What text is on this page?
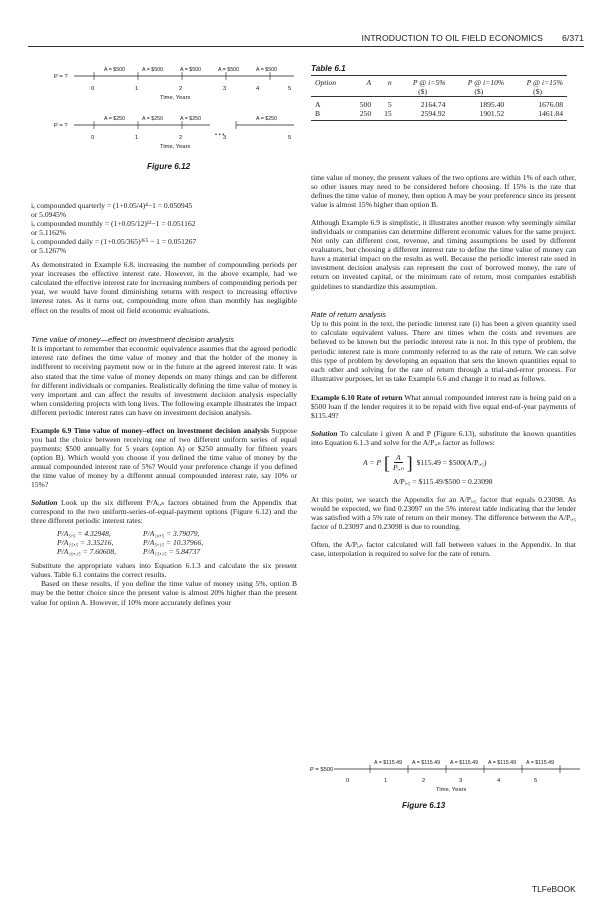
INTRODUCTION TO OIL FIELD ECONOMICS 6/371
P = ?
A = $500	A = $500	A = $500	A = $500	A = $500
0	1	2	3	4	5
Time, Years
P = ?
A = $250	A = $250	A = $250	A = $250
0	1	2	3	5
• • •
Time, Years
Figure 6.12
Table 6.1
Option	A	n	P @ i=5%	P @ i=10%	P @ i=15%
			($)	($)	($)

A	500	5	2164.74	1895.40	1676.08
B	250	15	2594.92	1901.52	1461.84

iₑ compounded quarterly = (1+0.05/4)⁴−1 = 0.050945
or 5.0945%
iₑ compounded monthly = (1+0.05/12)¹²−1 = 0.051162
or 5.1162%
iₑ compounded daily = (1+0.05/365)³⁶⁵ − 1 = 0.051267
or 5.1267%

As demonstrated in Example 6.8, increasing the number of compounding periods per year increases the effective interest rate. However, in the above example, had we calculated the effective interest rate for increasing numbers of compounding periods per year, we would have found diminishing returns with respect to increasing effective interest rates. As it turns out, compounding more often than monthly has negligible effect on the results of most oil field economic evaluations.

Time value of money—effect on investment decision analysis

It is important to remember that economic equivalence assumes that the agreed periodic interest rate defines the time value of money and that the holder of the money is indifferent to receiving payment now or in the future at the agreed interest rate. It was also stated that the time value of money depends on many things and can be different for different individuals or companies. Realistically defining the time value of money is very important and can affect the results of investment decision analysis especially when considering projects with long lives. The following example illustrates the impact different periodic interest rates can have on investment decision analysis.

Example 6.9 Time value of money–effect on investment decision analysis Suppose you had the choice between receiving one of two different uniform series of equal payments: $500 annually for 5 years (option A) or $250 annually for fifteen years (option B). Which would you choose if you defined the time value of money by the annual compounded interest rate of 5%? Would your preference change if you defined the time value of money by a different annual compounded interest rate, say 10% or 15%?

Solution Look up the six different P/Aᵢ,ₙ factors obtained from the Appendix that correspond to the two uniform-series-of-equal-payment options (Figure 6.12) and the three different periodic interest rates:

P/A₅,₅ = 4.32948,	P/A₁₀,₅ = 3.79079,
P/A₁₅,₅ = 3.35216,	P/A₅,₁₅ = 10.37966,
P/A₁₀,₁₅ = 7.60608,	P/A₁₅,₁₅ = 5.84737

Substitute the appropriate values into Equation 6.1.3 and calculate the six present values. Table 6.1 contains the correct results.

Based on these results, if you define the time value of money using 5%, option B may be the better choice since the present value is almost 20% higher than the present value for option A. However, if 10% more accurately defines your

time value of money, the present values of the two options are within 1% of each other, so other issues may need to be considered before choosing. If 15% is the rate that defines the time value of money, then option A may be your preference since its present value is almost 15% higher than option B.

Although Example 6.9 is simplistic, it illustrates another reason why seemingly similar individuals or companies can determine different economic values for the same project. Not only can different cost, revenue, and timing assumptions be used by different evaluators, but choosing a different interest rate to define the time value of money can have a material impact on the results as well. Because the periodic interest rate used in investment decision analysis can represent the cost of borrowed money, the rate of return on invested capital, or the minimum rate of return, most companies establish guidelines to standardize this assumption.

Rate of return analysis

Up to this point in the text, the periodic interest rate (i) has been a given quantity used to calculate equivalent values. There are times when the costs and revenues are believed to be known but the periodic interest rate is not. In this type of problem, the periodic interest rate is more commonly referred to as the rate of return. We can solve this type of problem by developing an equation that sets the known quantities equal to each other and solving for the rate of return through a trial-and-error process. For illustrative purposes, let us take Example 6.6 and change it to read as follows.

Example 6.10 Rate of return What annual compounded interest rate is being paid on a $500 loan if the lender requires it to be repaid with five equal end-of-year payments of $115.49?

Solution To calculate i given A and P (Figure 6.13), substitute the known quantities into Equation 6.1.3 and solve for the A/Pᵢ,ₙ factor as follows:

A = P [ $\frac{A}{\text{Pᵢ,ₙ}}$ ] $115.49 = $500(A/Pᵢ,₅)
A/Pᵢ,₅ = $115.49/$500 = 0.23098

At this point, we search the Appendix for an A/Pᵢ,₅ factor that equals 0.23098. As would be expected, we find 0.23097 on the 5% interest table indicating that the lender was satisfied with a 5% rate of return on their money. The difference between the A/Pᵢ,₅ factor of 0.23097 and 0.23098 is due to rounding.

Often, the A/Pᵢ,ₙ factor calculated will fall between values in the Appendix. In that case, interpolation is required to solve for the rate of return.

P = $500
A = $115.49 A = $115.49 A = $115.49 A = $115.49 A = $115.49
0	1	2	3	4	5
Time, Years
Figure 6.13
TLFeBOOK
